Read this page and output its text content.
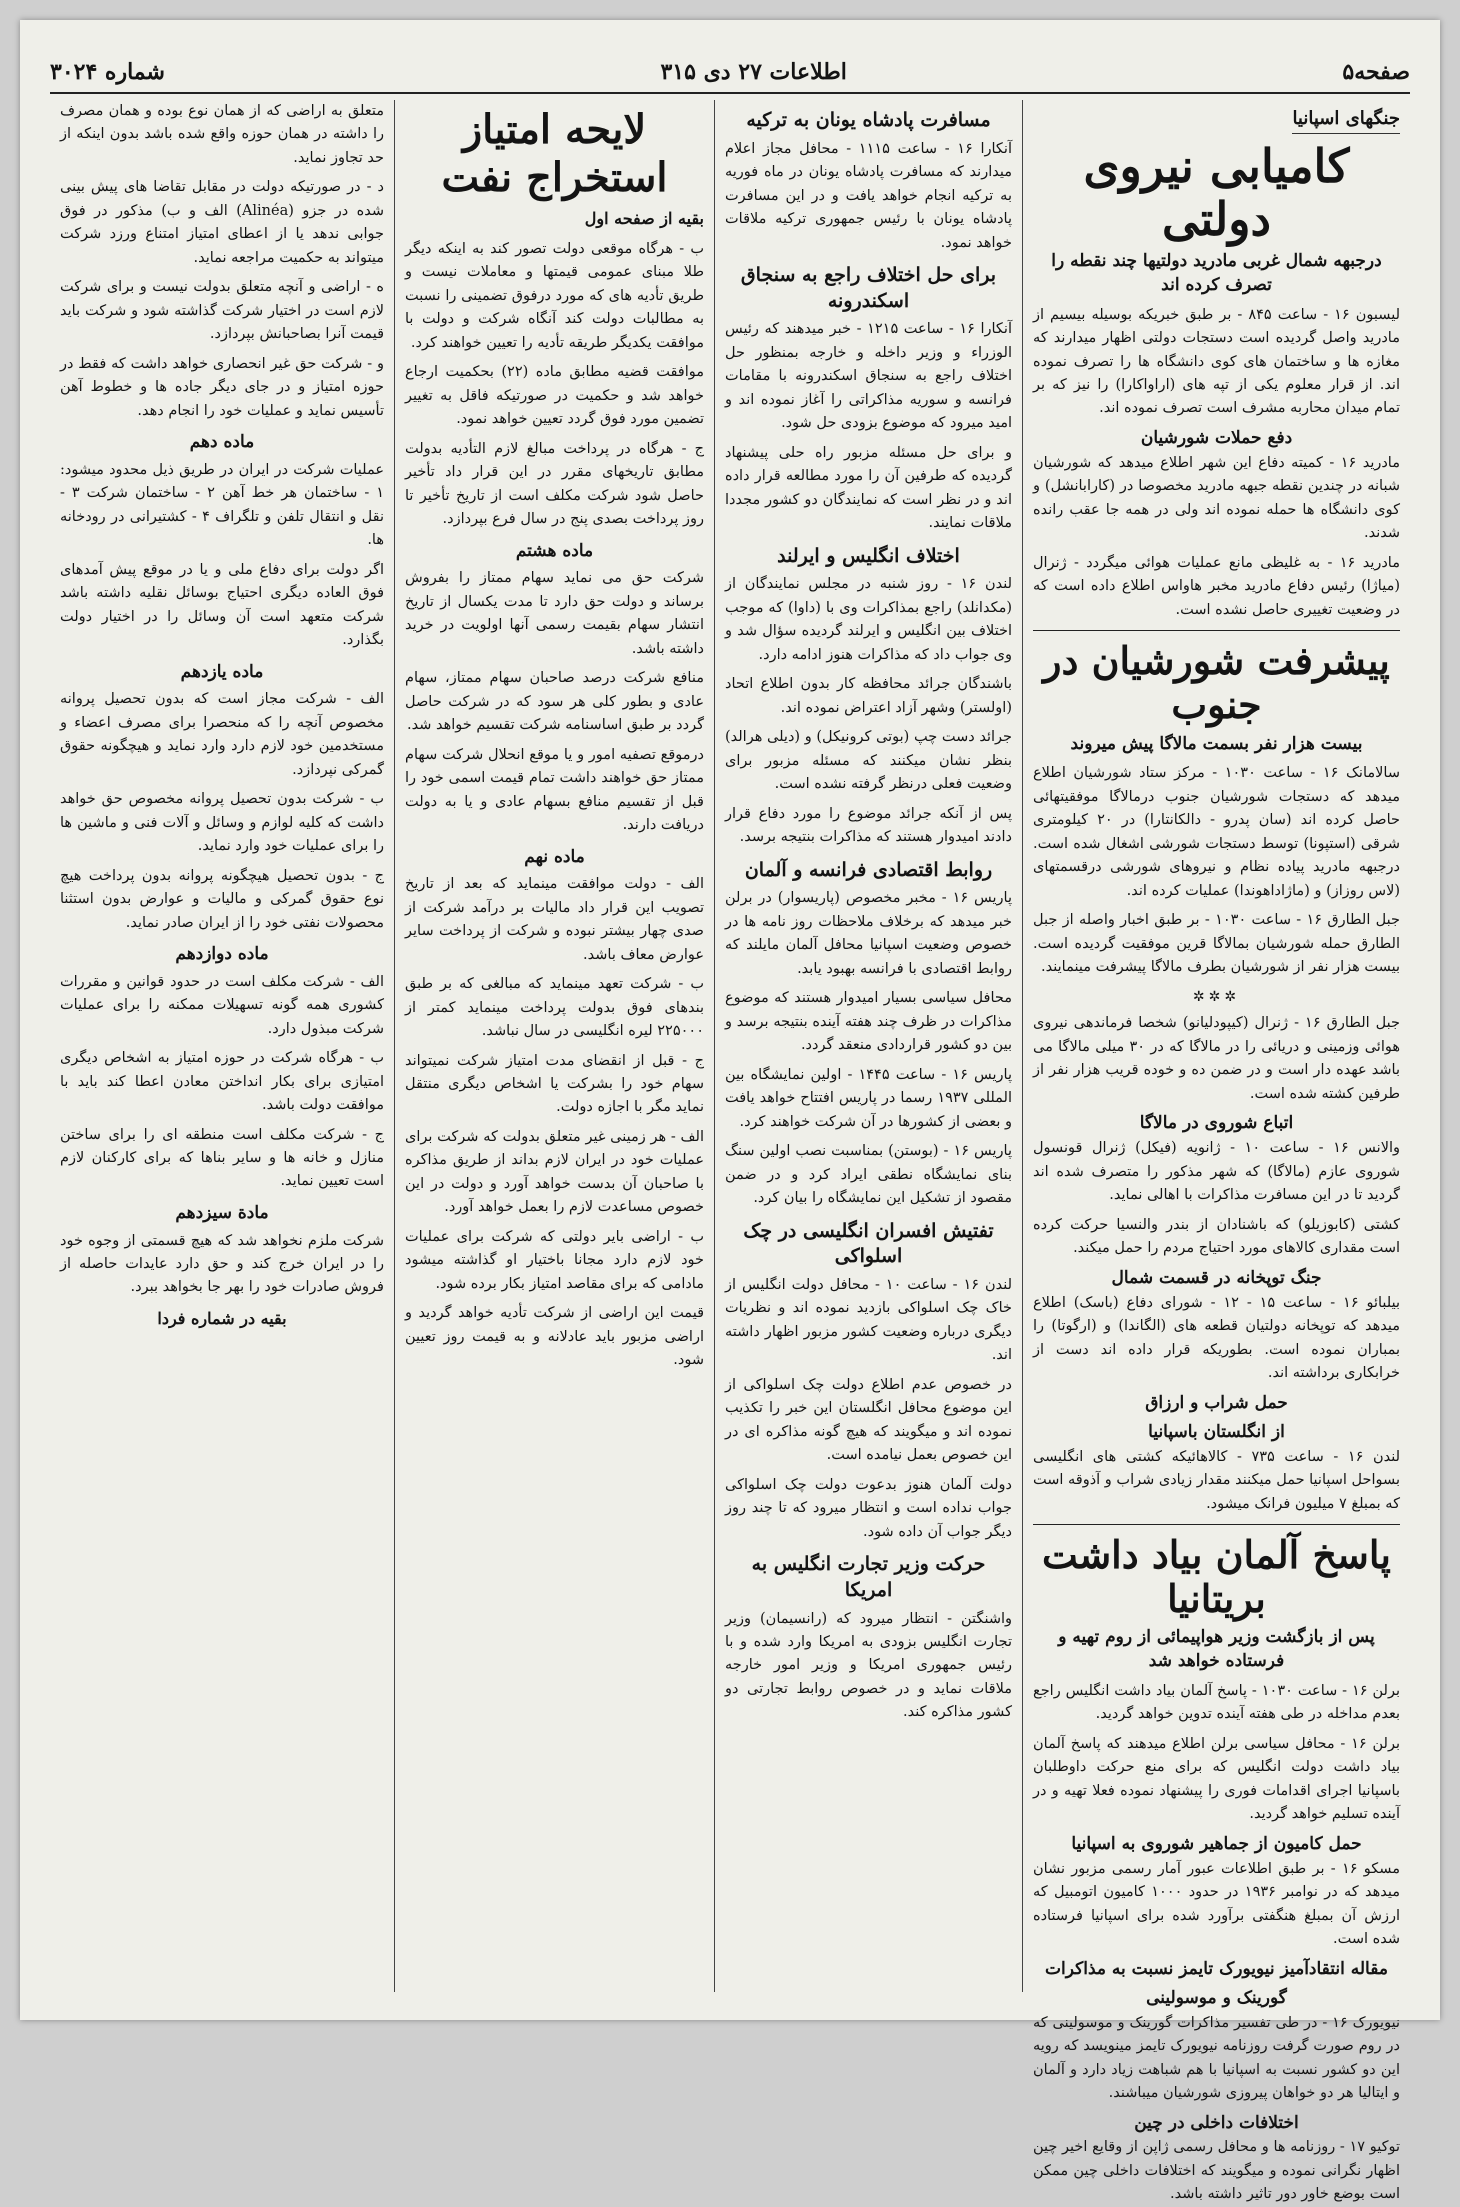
صفحه۵
اطلاعات ۲۷ دی ۳۱۵
شماره ۳۰۲۴
جنگهای اسپانیا
کامیابی نیروی دولتی
درجبهه شمال غربی مادرید دولتیها چند نقطه را تصرف کرده اند

لیسبون ۱۶ - ساعت ۸۴۵ - بر طبق خبریکه بوسیله بیسیم از مادرید واصل گردیده است دستجات دولتی اظهار میدارند که مغازه ها و ساختمان های کوی دانشگاه ها را تصرف نموده اند. از قرار معلوم یکی از تپه های (اراواکارا) را نیز که بر تمام میدان محاربه مشرف است تصرف نموده اند.

دفع حملات شورشیان

مادرید ۱۶ - کمیته دفاع این شهر اطلاع میدهد که شورشیان شبانه در چندین نقطه جبهه مادرید مخصوصا در (کارابانشل) و کوی دانشگاه ها حمله نموده اند ولی در همه جا عقب رانده شدند.

مادرید ۱۶ - به غلیظی مانع عملیات هوائی میگردد - ژنرال (میاژا) رئیس دفاع مادرید مخبر هاواس اطلاع داده است که در وضعیت تغییری حاصل نشده است.

پیشرفت شورشیان در جنوب
بیست هزار نفر بسمت مالاگا پیش میروند

سالامانک ۱۶ - ساعت ۱۰۳۰ - مرکز ستاد شورشیان اطلاع میدهد که دستجات شورشیان جنوب درمالاگا موفقیتهائی حاصل کرده اند (سان پدرو - دالکانتارا) در ۲۰ کیلومتری شرقی (استپونا) توسط دستجات شورشی اشغال شده است. درجبهه مادرید پیاده نظام و نیروهای شورشی درقسمتهای (لاس روزاز) و (ماژاداهوندا) عملیات کرده اند.

جبل الطارق ۱۶ - ساعت ۱۰۳۰ - بر طبق اخبار واصله از جبل الطارق حمله شورشیان بمالاگا قرین موفقیت گردیده است. بیست هزار نفر از شورشیان بطرف مالاگا پیشرفت مینمایند.

✲✲✲

جبل الطارق ۱۶ - ژنرال (کیپودلیانو) شخصا فرماندهی نیروی هوائی وزمینی و دریائی را در مالاگا که در ۳۰ میلی مالاگا می باشد عهده دار است و در ضمن ده و خوده قریب هزار نفر از طرفین کشته شده است.

اتباع شوروی در مالاگا

والانس ۱۶ - ساعت ۱۰ - ژانویه (فیکل) ژنرال قونسول شوروی عازم (مالاگا) که شهر مذکور را متصرف شده اند گردید تا در این مسافرت مذاکرات با اهالی نماید.

کشتی (کابوزیلو) که باشنادان از بندر والنسیا حرکت کرده است مقداری کالاهای مورد احتیاج مردم را حمل میکند.

جنگ توپخانه در قسمت شمال

بیلبائو ۱۶ - ساعت ۱۵ - ۱۲ - شورای دفاع (باسک) اطلاع میدهد که توپخانه دولتیان قطعه های (الگاندا) و (ارگوتا) را بمباران نموده است. بطوریکه قرار داده اند دست از خرابکاری برداشته اند.

حمل شراب و ارزاق
از انگلستان باسپانیا

لندن ۱۶ - ساعت ۷۳۵ - کالاهائیکه کشتی های انگلیسی بسواحل اسپانیا حمل میکنند مقدار زیادی شراب و آذوقه است که بمبلغ ۷ میلیون فرانک میشود.

پاسخ آلمان بیاد داشت بریتانیا
پس از بازگشت وزیر هواپیمائی از روم تهیه و فرستاده خواهد شد

برلن ۱۶ - ساعت ۱۰۳۰ - پاسخ آلمان بیاد داشت انگلیس راجع بعدم مداخله در طی هفته آینده تدوین خواهد گردید.

برلن ۱۶ - محافل سیاسی برلن اطلاع میدهند که پاسخ آلمان بیاد داشت دولت انگلیس که برای منع حرکت داوطلبان باسپانیا اجرای اقدامات فوری را پیشنهاد نموده فعلا تهیه و در آینده تسلیم خواهد گردید.

حمل کامیون از جماهیر شوروی به اسپانیا

مسکو ۱۶ - بر طبق اطلاعات عبور آمار رسمی مزبور نشان میدهد که در نوامبر ۱۹۳۶ در حدود ۱۰۰۰ کامیون اتومبیل که ارزش آن بمبلغ هنگفتی برآورد شده برای اسپانیا فرستاده شده است.

مقاله انتقادآمیز نیویورک تایمز نسبت به مذاکرات
گورینک و موسولینی

نیویورک ۱۶ - در طی تفسیر مذاکرات گورینک و موسولینی که در روم صورت گرفت روزنامه نیویورک تایمز مینویسد که رویه این دو کشور نسبت به اسپانیا با هم شباهت زیاد دارد و آلمان و ایتالیا هر دو خواهان پیروزی شورشیان میباشند.

اختلافات داخلی در چین

توکیو ۱۷ - روزنامه ها و محافل رسمی ژاپن از وقایع اخیر چین اظهار نگرانی نموده و میگویند که اختلافات داخلی چین ممکن است بوضع خاور دور تاثیر داشته باشد.

مسافرت پادشاه یونان به ترکیه

آنکارا ۱۶ - ساعت ۱۱۱۵ - محافل مجاز اعلام میدارند که مسافرت پادشاه یونان در ماه فوریه به ترکیه انجام خواهد یافت و در این مسافرت پادشاه یونان با رئیس جمهوری ترکیه ملاقات خواهد نمود.

برای حل اختلاف راجع به سنجاق اسکندرونه

آنکارا ۱۶ - ساعت ۱۲۱۵ - خبر میدهند که رئیس الوزراء و وزیر داخله و خارجه بمنظور حل اختلاف راجع به سنجاق اسکندرونه با مقامات فرانسه و سوریه مذاکراتی را آغاز نموده اند و امید میرود که موضوع بزودی حل شود.

و برای حل مسئله مزبور راه حلی پیشنهاد گردیده که طرفین آن را مورد مطالعه قرار داده اند و در نظر است که نمایندگان دو کشور مجددا ملاقات نمایند.

اختلاف انگلیس و ایرلند

لندن ۱۶ - روز شنبه در مجلس نمایندگان از (مکدانلد) راجع بمذاکرات وی با (داوا) که موجب اختلاف بین انگلیس و ایرلند گردیده سؤال شد و وی جواب داد که مذاکرات هنوز ادامه دارد.

باشندگان جرائد محافظه کار بدون اطلاع اتحاد (اولستر) وشهر آزاد اعتراض نموده اند.

جرائد دست چپ (بوتی کرونیکل) و (دیلی هرالد) بنظر نشان میکنند که مسئله مزبور برای وضعیت فعلی درنظر گرفته نشده است.

پس از آنکه جرائد موضوع را مورد دفاع قرار دادند امیدوار هستند که مذاکرات بنتیجه برسد.

روابط اقتصادی فرانسه و آلمان

پاریس ۱۶ - مخبر مخصوص (پاریسوار) در برلن خبر میدهد که برخلاف ملاحظات روز نامه ها در خصوص وضعیت اسپانیا محافل آلمان مایلند که روابط اقتصادی با فرانسه بهبود یابد.

محافل سیاسی بسیار امیدوار هستند که موضوع مذاکرات در ظرف چند هفته آینده بنتیجه برسد و بین دو کشور قراردادی منعقد گردد.

پاریس ۱۶ - ساعت ۱۴۴۵ - اولین نمایشگاه بین المللی ۱۹۳۷ رسما در پاریس افتتاح خواهد یافت و بعضی از کشورها در آن شرکت خواهند کرد.

پاریس ۱۶ - (بوستن) بمناسبت نصب اولین سنگ بنای نمایشگاه نطقی ایراد کرد و در ضمن مقصود از تشکیل این نمایشگاه را بیان کرد.

تفتیش افسران انگلیسی در چک اسلواکی

لندن ۱۶ - ساعت ۱۰ - محافل دولت انگلیس از خاک چک اسلواکی بازدید نموده اند و نظریات دیگری درباره وضعیت کشور مزبور اظهار داشته اند.

در خصوص عدم اطلاع دولت چک اسلواکی از این موضوع محافل انگلستان این خبر را تکذیب نموده اند و میگویند که هیچ گونه مذاکره ای در این خصوص بعمل نیامده است.

دولت آلمان هنوز بدعوت دولت چک اسلواکی جواب نداده است و انتظار میرود که تا چند روز دیگر جواب آن داده شود.

حرکت وزیر تجارت انگلیس به امریکا

واشنگتن - انتظار میرود که (رانسیمان) وزیر تجارت انگلیس بزودی به امریکا وارد شده و با رئیس جمهوری امریکا و وزیر امور خارجه ملاقات نماید و در خصوص روابط تجارتی دو کشور مذاکره کند.

لایحه امتیاز استخراج نفت
بقیه از صفحه اول

ب - هرگاه موقعی دولت تصور کند به اینکه دیگر طلا مبنای عمومی قیمتها و معاملات نیست و طریق تأدیه های که مورد درفوق تضمینی را نسبت به مطالبات دولت کند آنگاه شرکت و دولت با موافقت یکدیگر طریقه تأدیه را تعیین خواهند کرد.

موافقت قضیه مطابق ماده (۲۲) بحکمیت ارجاع خواهد شد و حکمیت در صورتیکه فاقل به تغییر تضمین مورد فوق گردد تعیین خواهد نمود.

ج - هرگاه در پرداخت مبالغ لازم التأدیه بدولت مطابق تاریخهای مقرر در این قرار داد تأخیر حاصل شود شرکت مکلف است از تاریخ تأخیر تا روز پرداخت بصدی پنج در سال فرع بپردازد.

ماده هشتم

شرکت حق می نماید سهام ممتاز را بفروش برساند و دولت حق دارد تا مدت یکسال از تاریخ انتشار سهام بقیمت رسمی آنها اولویت در خرید داشته باشد.

منافع شرکت درصد صاحبان سهام ممتاز، سهام عادی و بطور کلی هر سود که در شرکت حاصل گردد بر طبق اساسنامه شرکت تقسیم خواهد شد.

درموقع تصفیه امور و یا موقع انحلال شرکت سهام ممتاز حق خواهند داشت تمام قیمت اسمی خود را قبل از تقسیم منافع بسهام عادی و یا به دولت دریافت دارند.

ماده نهم

الف - دولت موافقت مینماید که بعد از تاریخ تصویب این قرار داد مالیات بر درآمد شرکت از صدی چهار بیشتر نبوده و شرکت از پرداخت سایر عوارض معاف باشد.

ب - شرکت تعهد مینماید که مبالغی که بر طبق بندهای فوق بدولت پرداخت مینماید کمتر از ۲۲۵۰۰۰ لیره انگلیسی در سال نباشد.

ج - قبل از انقضای مدت امتیاز شرکت نمیتواند سهام خود را بشرکت یا اشخاص دیگری منتقل نماید مگر با اجازه دولت.

الف - هر زمینی غیر متعلق بدولت که شرکت برای عملیات خود در ایران لازم بداند از طریق مذاکره با صاحبان آن بدست خواهد آورد و دولت در این خصوص مساعدت لازم را بعمل خواهد آورد.

ب - اراضی بایر دولتی که شرکت برای عملیات خود لازم دارد مجانا باختیار او گذاشته میشود مادامی که برای مقاصد امتیاز بکار برده شود.

قیمت این اراضی از شرکت تأدیه خواهد گردید و اراضی مزبور باید عادلانه و به قیمت روز تعیین شود.

متعلق به اراضی که از همان نوع بوده و همان مصرف را داشته در همان حوزه واقع شده باشد بدون اینکه از حد تجاوز نماید.

د - در صورتیکه دولت در مقابل تقاضا های پیش بینی شده در جزو (Alinéa) الف و ب) مذکور در فوق جوابی ندهد یا از اعطای امتیاز امتناع ورزد شرکت میتواند به حکمیت مراجعه نماید.

ه - اراضی و آنچه متعلق بدولت نیست و برای شرکت لازم است در اختیار شرکت گذاشته شود و شرکت باید قیمت آنرا بصاحبانش بپردازد.

و - شرکت حق غیر انحصاری خواهد داشت که فقط در حوزه امتیاز و در جای دیگر جاده ها و خطوط آهن تأسیس نماید و عملیات خود را انجام دهد.

ماده دهم

عملیات شرکت در ایران در طریق ذیل محدود میشود: ۱ - ساختمان هر خط آهن ۲ - ساختمان شرکت ۳ - نقل و انتقال تلفن و تلگراف ۴ - کشتیرانی در رودخانه ها.

اگر دولت برای دفاع ملی و یا در موقع پیش آمدهای فوق العاده دیگری احتیاج بوسائل نقلیه داشته باشد شرکت متعهد است آن وسائل را در اختیار دولت بگذارد.

ماده یازدهم

الف - شرکت مجاز است که بدون تحصیل پروانه مخصوص آنچه را که منحصرا برای مصرف اعضاء و مستخدمین خود لازم دارد وارد نماید و هیچگونه حقوق گمرکی نپردازد.

ب - شرکت بدون تحصیل پروانه مخصوص حق خواهد داشت که کلیه لوازم و وسائل و آلات فنی و ماشین ها را برای عملیات خود وارد نماید.

ج - بدون تحصیل هیچگونه پروانه بدون پرداخت هیچ نوع حقوق گمرکی و مالیات و عوارض بدون استثنا محصولات نفتی خود را از ایران صادر نماید.

ماده دوازدهم

الف - شرکت مکلف است در حدود قوانین و مقررات کشوری همه گونه تسهیلات ممکنه را برای عملیات شرکت مبذول دارد.

ب - هرگاه شرکت در حوزه امتیاز به اشخاص دیگری امتیازی برای بکار انداختن معادن اعطا کند باید با موافقت دولت باشد.

ج - شرکت مکلف است منطقه ای را برای ساختن منازل و خانه ها و سایر بناها که برای کارکنان لازم است تعیین نماید.

مادة سیزدهم

شرکت ملزم نخواهد شد که هیچ قسمتی از وجوه خود را در ایران خرج کند و حق دارد عایدات حاصله از فروش صادرات خود را بهر جا بخواهد ببرد.

بقیه در شماره فردا
